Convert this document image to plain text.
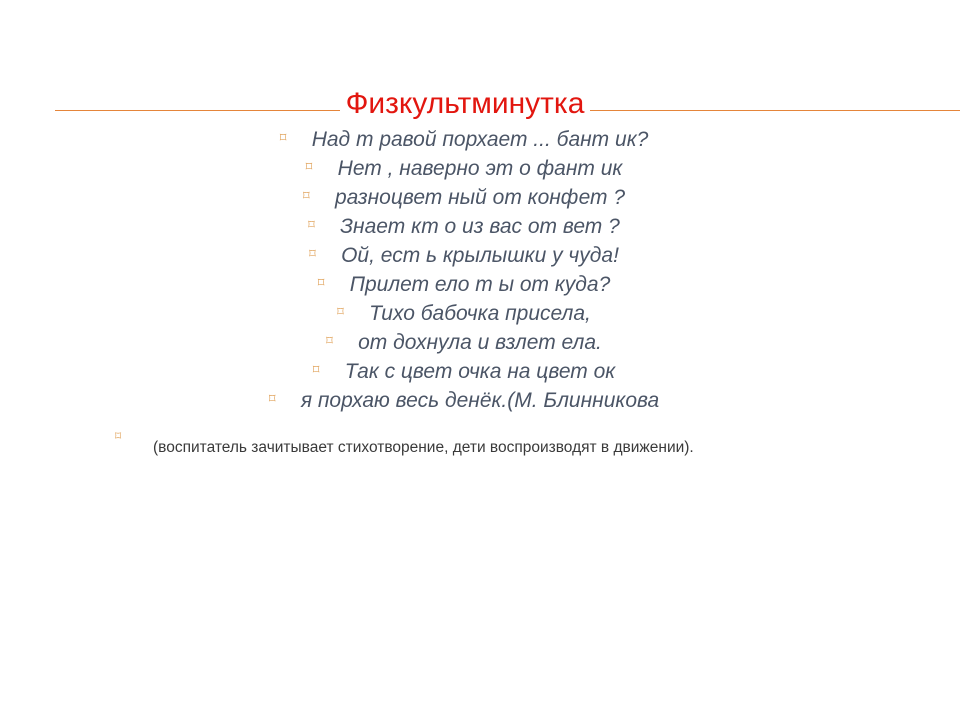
Физкультминутка
⌑ Над т равой порхает ... бант ик?
⌑ Нет , наверно эт о фант ик
⌑ разноцвет ный от конфет ?
⌑ Знает кт о из вас от вет ?
⌑ Ой, ест ь крылышки у чуда!
⌑ Прилет ело т ы от куда?
⌑ Тихо бабочка присела,
⌑ от дохнула и взлет ела.
⌑ Так с цвет очка на цвет ок
⌑ я порхаю весь денёк.(М. Блинникова
⌑
(воспитатель зачитывает стихотворение, дети воспроизводят в движении).
